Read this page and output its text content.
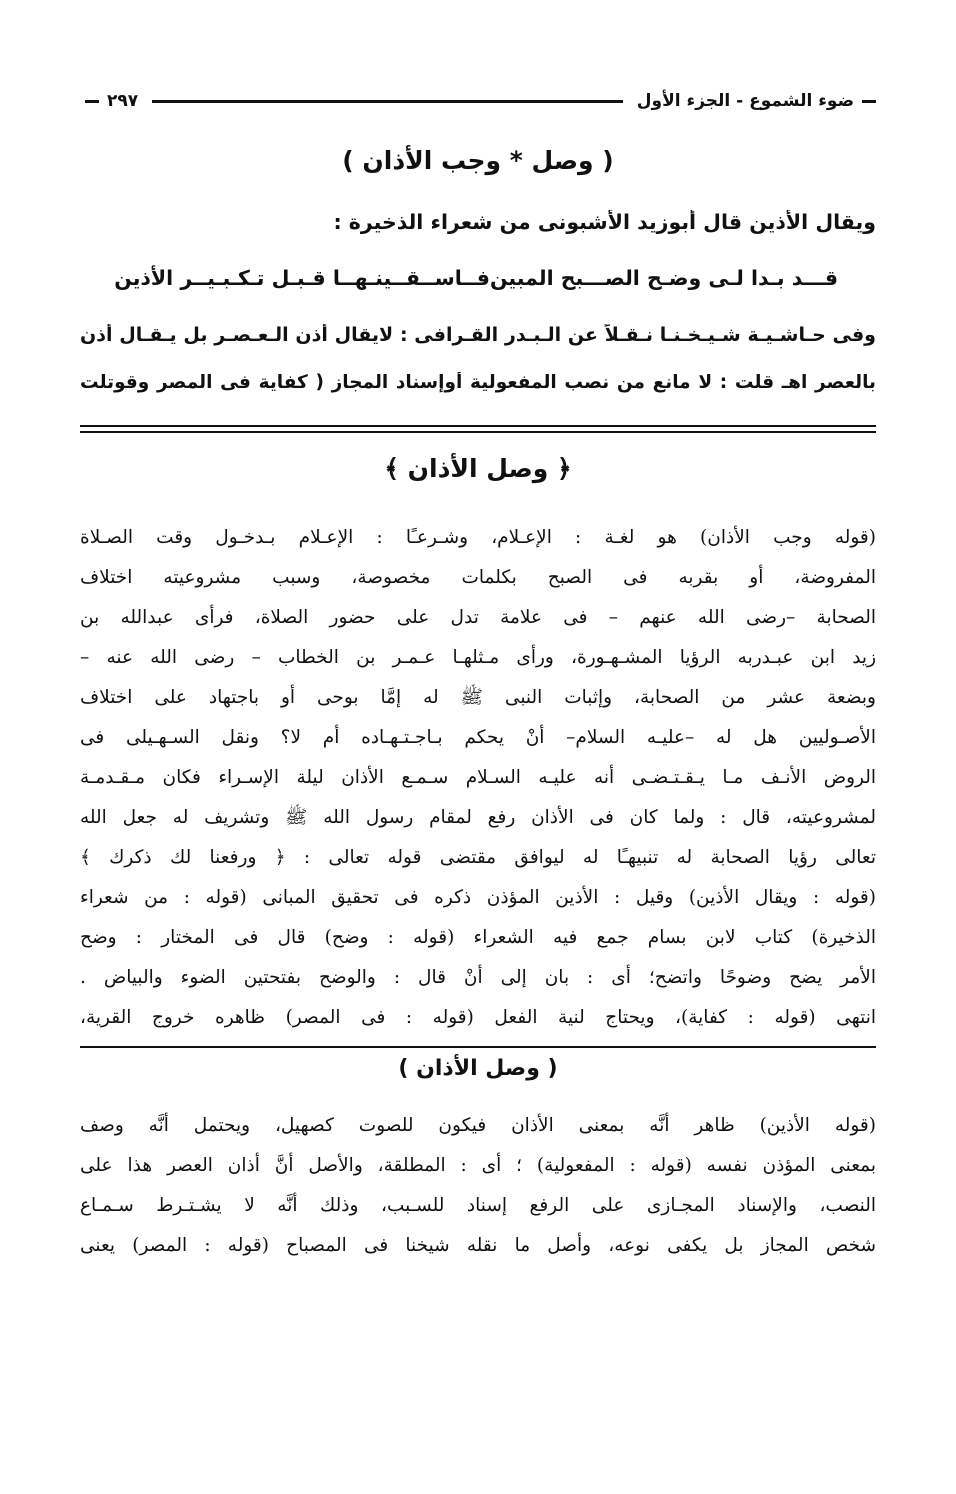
ضوء الشموع - الجزء الأول
٢٩٧
( وصل * وجب الأذان )
ويقال الأذين قال أبوزيد الأشبونى من شعراء الذخيرة :
قـــد بـدا لـى وضـح الصـــبح المبين
فــاســقــينـهــا قـبـل تـكـبـيــر الأذين
وفى حـاشـيـة شـيـخـنـا نـقـلاً عن الـبـدر القـرافى : لايقال أذن الـعـصـر بل يـقـال أذن
بالعصر اهـ قلت : لا مانع من نصب المفعولية أوإسناد المجاز ( كفاية فى المصر وقوتلت
﴿ وصل الأذان ﴾
(قوله وجب الأذان) هو لغـة : الإعـلام، وشـرعـًا : الإعـلام بـدخـول وقت الصـلاة
المفروضة، أو بقربه فى الصبح بكلمات مخصوصة، وسبب مشروعيته اختلاف
الصحابة –رضى الله عنهم – فى علامة تدل على حضور الصلاة، فرأى عبدالله بن
زيد ابن عبـدربه الرؤيا المشـهـورة، ورأى مـثلهـا عـمـر بن الخطاب – رضى الله عنه –
وبضعة عشر من الصحابة، وإثبات النبى ﷺ له إمَّا بوحى أو باجتهاد على اختلاف
الأصـوليين هل له –عليـه السلام– أنْ يحكم بـاجـتـهـاده أم لا؟ ونقل السـهـيلى فى
الروض الأنـف مـا يـقـتـضـى أنه عليـه السـلام سـمـع الأذان ليلة الإسـراء فكان مـقـدمـة
لمشروعيته، قال : ولما كان فى الأذان رفع لمقام رسول الله ﷺ وتشريف له جعل الله
تعالى رؤيا الصحابة له تنبيهـًا له ليوافق مقتضى قوله تعالى : ﴿ ورفعنا لك ذكرك ﴾
(قوله : ويقال الأذين) وقيل : الأذين المؤذن ذكره فى تحقيق المبانى (قوله : من شعراء
الذخيرة) كتاب لابن بسام جمع فيه الشعراء (قوله : وضح) قال فى المختار : وضح
الأمر يضح وضوحًا واتضح؛ أى : بان إلى أنْ قال : والوضح بفتحتين الضوء والبياض .
انتهى (قوله : كفاية)، ويحتاج لنية الفعل (قوله : فى المصر) ظاهره خروج القرية،
( وصل الأذان )
(قوله الأذين) ظاهر أنَّه بمعنى الأذان فيكون للصوت كصهيل، ويحتمل أنَّه وصف
بمعنى المؤذن نفسه (قوله : المفعولية) ؛ أى : المطلقة، والأصل أنَّ أذان العصر هذا على
النصب، والإسناد المجـازى على الرفع إسناد للسـبب، وذلك أنَّه لا يشـتـرط سـمـاع
شخص المجاز بل يكفى نوعه، وأصل ما نقله شيخنا فى المصباح (قوله : المصر) يعنى
